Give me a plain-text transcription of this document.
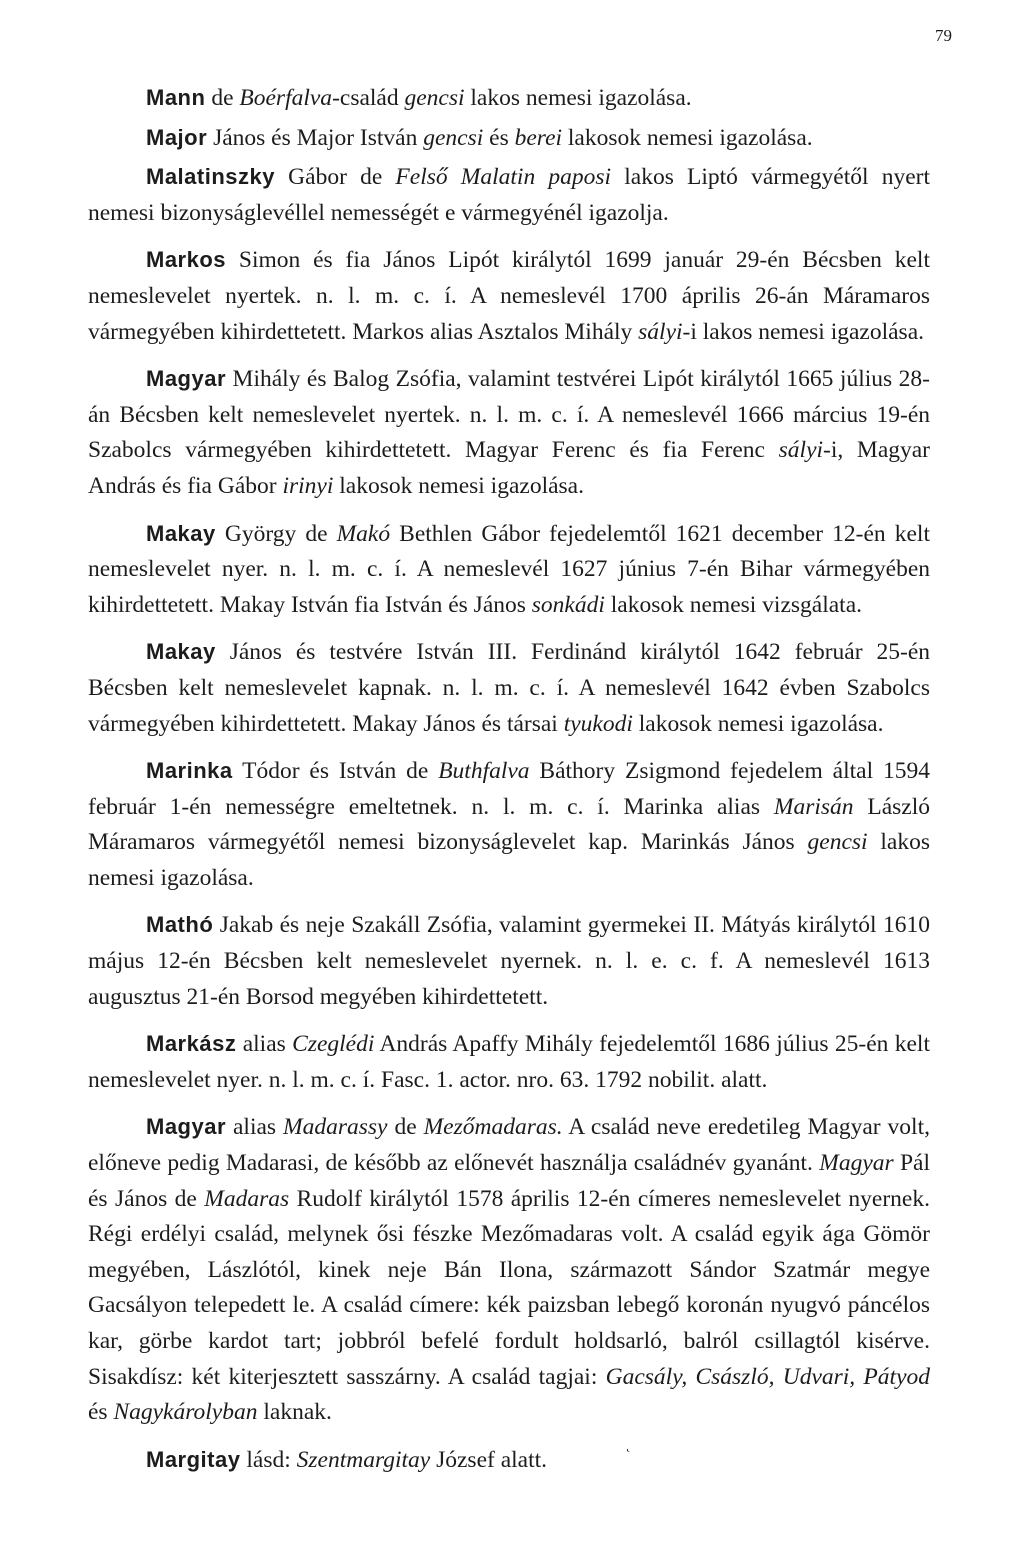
79

Mann de Boérfalva-család gencsi lakos nemesi igazolása.

Major János és Major István gencsi és berei lakosok nemesi igazolása.

Malatinszky Gábor de Felső Malatin paposi lakos Liptó vármegyétől nyert nemesi bizonyságlevéllel nemességét e vármegyénél igazolja.

Markos Simon és fia János Lipót királytól 1699 január 29-én Bécsben kelt nemeslevelet nyertek. n. l. m. c. í. A nemeslevél 1700 április 26-án Máramaros vármegyében kihirdettetett. Markos alias Asztalos Mihály sályi-i lakos nemesi igazolása.

Magyar Mihály és Balog Zsófia, valamint testvérei Lipót királytól 1665 július 28-án Bécsben kelt nemeslevelet nyertek. n. l. m. c. í. A nemeslevél 1666 március 19-én Szabolcs vármegyében kihirdettetett. Magyar Ferenc és fia Ferenc sályi-i, Magyar András és fia Gábor irinyi lakosok nemesi igazolása.

Makay György de Makó Bethlen Gábor fejedelemtől 1621 december 12-én kelt nemeslevelet nyer. n. l. m. c. í. A nemeslevél 1627 június 7-én Bihar vármegyében kihirdettetett. Makay István fia István és János sonkádi lakosok nemesi vizsgálata.

Makay János és testvére István III. Ferdinánd királytól 1642 február 25-én Bécsben kelt nemeslevelet kapnak. n. l. m. c. í. A nemeslevél 1642 évben Szabolcs vármegyében kihirdettetett. Makay János és társai tyukodi lakosok nemesi igazolása.

Marinka Tódor és István de Buthfalva Báthory Zsigmond fejedelem által 1594 február 1-én nemességre emeltetnek. n. l. m. c. í. Marinka alias Marisán László Máramaros vármegyétől nemesi bizonyságlevelet kap. Marinkás János gencsi lakos nemesi igazolása.

Mathó Jakab és neje Szakáll Zsófia, valamint gyermekei II. Mátyás királytól 1610 május 12-én Bécsben kelt nemeslevelet nyernek. n. l. e. c. f. A nemeslevél 1613 augusztus 21-én Borsod megyében kihirdettetett.

Markász alias Czeglédi András Apaffy Mihály fejedelemtől 1686 július 25-én kelt nemeslevelet nyer. n. l. m. c. í. Fasc. 1. actor. nro. 63. 1792 nobilit. alatt.

Magyar alias Madarassy de Mezőmadaras. A család neve eredetileg Magyar volt, előneve pedig Madarasi, de később az előnevét használja családnév gyanánt. Magyar Pál és János de Madaras Rudolf királytól 1578 április 12-én címeres nemeslevelet nyernek. Régi erdélyi család, melynek ősi fészke Mezőmadaras volt. A család egyik ága Gömör megyében, Lászlótól, kinek neje Bán Ilona, származott Sándor Szatmár megye Gacsályon telepedett le. A család címere: kék paizsban lebegő koronán nyugvó páncélos kar, görbe kardot tart; jobbról befelé fordult holdsarló, balról csillagtól kisérve. Sisakdísz: két kiterjesztett sasszárny. A család tagjai: Gacsály, Császló, Udvari, Pátyod és Nagykárolyban laknak.

Margitay lásd: Szentmargitay József alatt.

˛
